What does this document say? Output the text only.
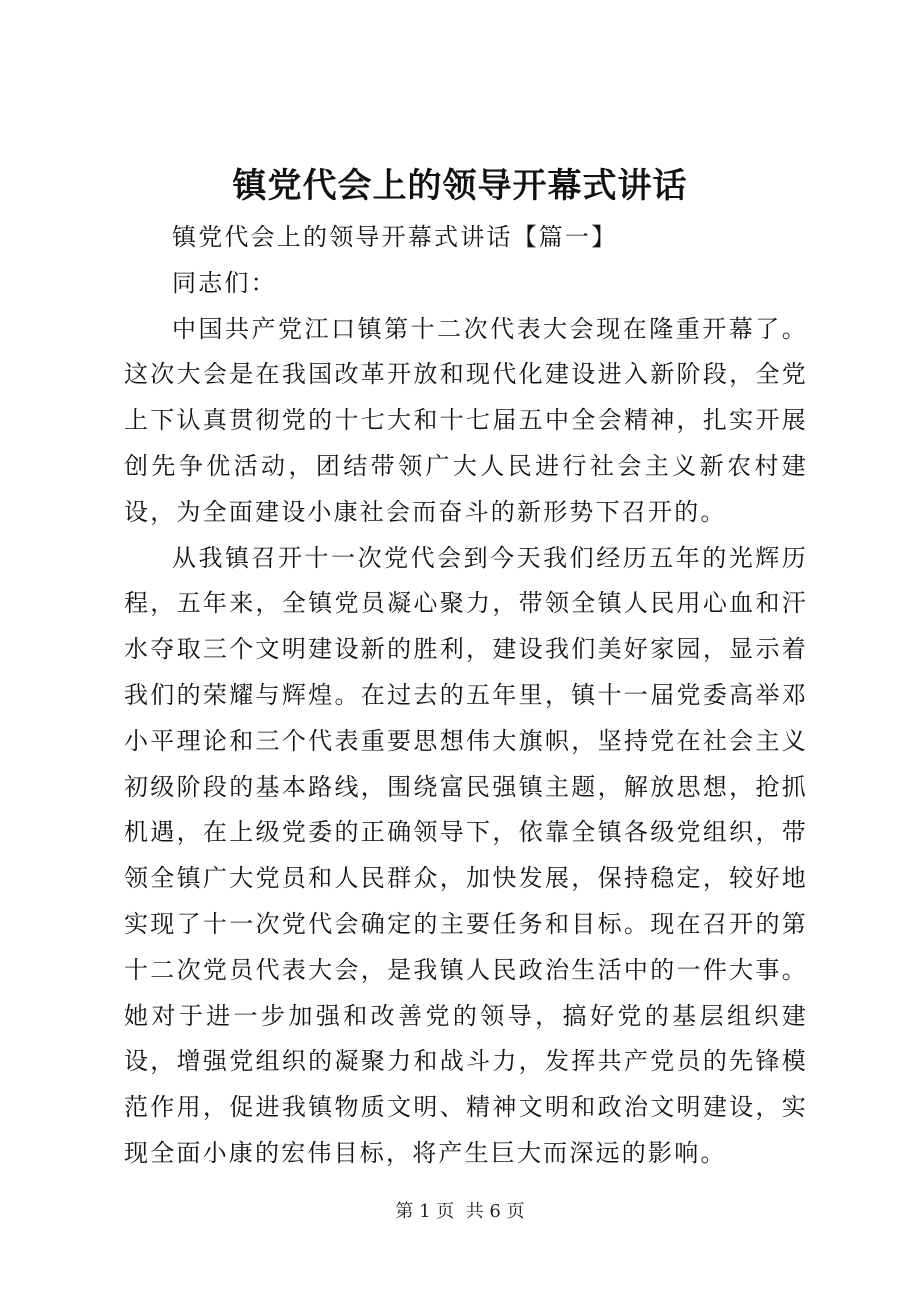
镇党代会上的领导开幕式讲话

镇党代会上的领导开幕式讲话【篇一】

同志们：

中国共产党江口镇第十二次代表大会现在隆重开幕了。这次大会是在我国改革开放和现代化建设进入新阶段，全党上下认真贯彻党的十七大和十七届五中全会精神，扎实开展创先争优活动，团结带领广大人民进行社会主义新农村建设，为全面建设小康社会而奋斗的新形势下召开的。

从我镇召开十一次党代会到今天我们经历五年的光辉历程，五年来，全镇党员凝心聚力，带领全镇人民用心血和汗水夺取三个文明建设新的胜利，建设我们美好家园，显示着我们的荣耀与辉煌。在过去的五年里，镇十一届党委高举邓小平理论和三个代表重要思想伟大旗帜，坚持党在社会主义初级阶段的基本路线，围绕富民强镇主题，解放思想，抢抓机遇，在上级党委的正确领导下，依靠全镇各级党组织，带领全镇广大党员和人民群众，加快发展，保持稳定，较好地实现了十一次党代会确定的主要任务和目标。现在召开的第十二次党员代表大会，是我镇人民政治生活中的一件大事。她对于进一步加强和改善党的领导，搞好党的基层组织建设，增强党组织的凝聚力和战斗力，发挥共产党员的先锋模范作用，促进我镇物质文明、精神文明和政治文明建设，实现全面小康的宏伟目标，将产生巨大而深远的影响。

第 1 页  共 6 页
